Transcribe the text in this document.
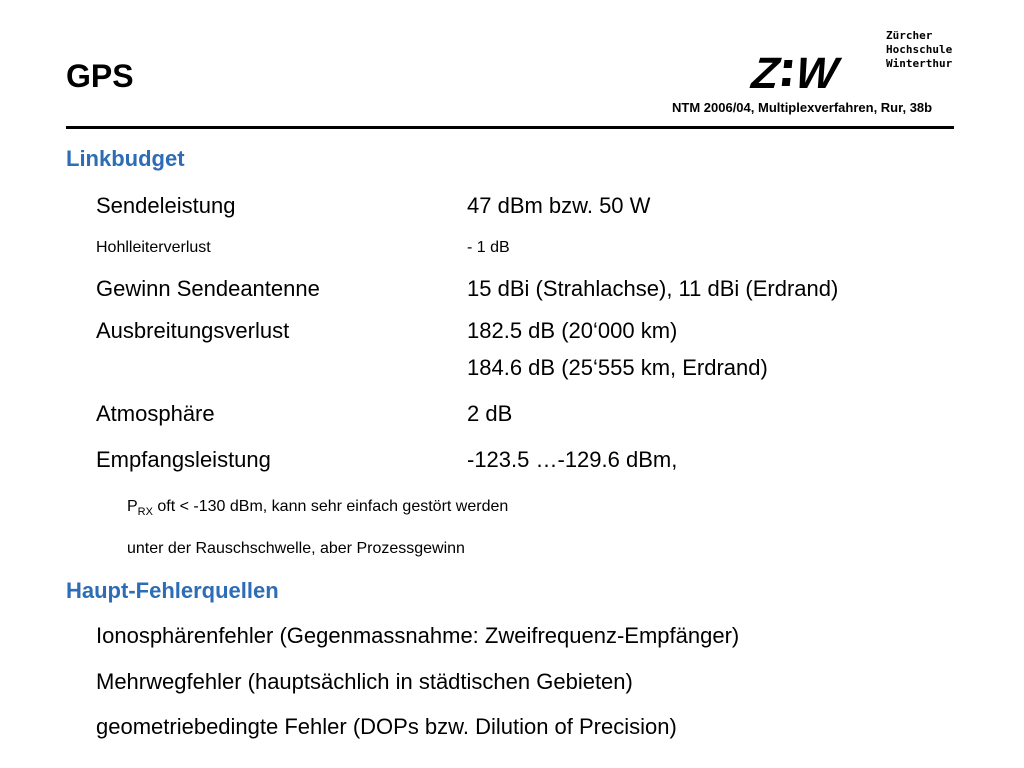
GPS	Z W
Zürcher
Hochschule
Winterthur
NTM 2006/04, Multiplexverfahren, Rur, 38b
Linkbudget
Sendeleistung	47 dBm bzw. 50 W
Hohlleiterverlust	- 1 dB
Gewinn Sendeantenne	15 dBi (Strahlachse), 11 dBi (Erdrand)
Ausbreitungsverlust	182.5 dB (20‘000 km)
184.6 dB (25‘555 km, Erdrand)
Atmosphäre	2 dB
Empfangsleistung	-123.5 …-129.6 dBm,
$P_{RX}$ oft < -130 dBm, kann sehr einfach gestört werden
unter der Rauschschwelle, aber Prozessgewinn
Haupt-Fehlerquellen
Ionosphärenfehler (Gegenmassnahme: Zweifrequenz-Empfänger)
Mehrwegfehler (hauptsächlich in städtischen Gebieten)
geometriebedingte Fehler (DOPs bzw. Dilution of Precision)
